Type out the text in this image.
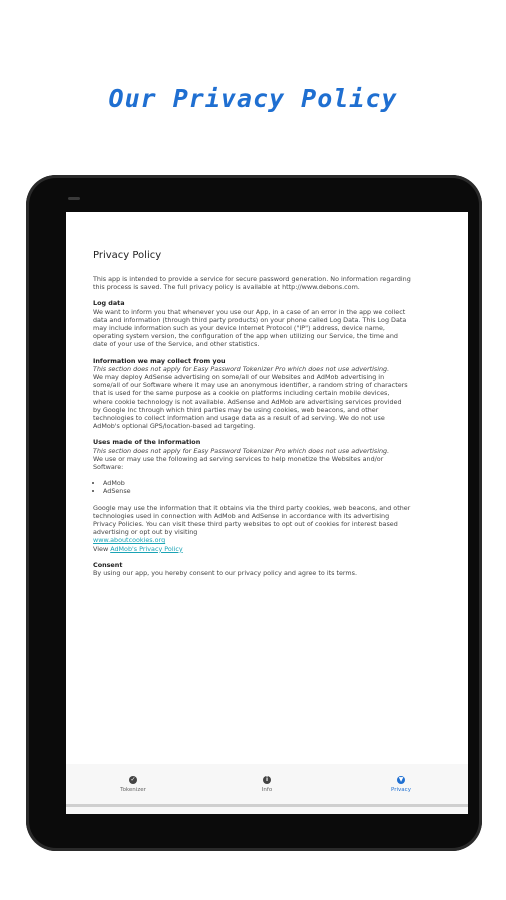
Our Privacy Policy
Privacy Policy

This app is intended to provide a service for secure password generation. No information regarding this process is saved. The full privacy policy is available at http://www.debons.com.

Log data
We want to inform you that whenever you use our App, in a case of an error in the app we collect data and information (through third party products) on your phone called Log Data. This Log Data may include information such as your device Internet Protocol ("IP") address, device name, operating system version, the configuration of the app when utilizing our Service, the time and date of your use of the Service, and other statistics.

Information we may collect from you
This section does not apply for Easy Password Tokenizer Pro which does not use advertising.
We may deploy AdSense advertising on some/all of our Websites and AdMob advertising in some/all of our Software where it may use an anonymous identifier, a random string of characters that is used for the same purpose as a cookie on platforms including certain mobile devices, where cookie technology is not available. AdSense and AdMob are advertising services provided by Google Inc through which third parties may be using cookies, web beacons, and other technologies to collect information and usage data as a result of ad serving. We do not use AdMob's optional GPS/location-based ad targeting.

Uses made of the information
This section does not apply for Easy Password Tokenizer Pro which does not use advertising.
We use or may use the following ad serving services to help monetize the Websites and/or Software:

• AdMob
• AdSense

Google may use the information that it obtains via the third party cookies, web beacons, and other technologies used in connection with AdMob and AdSense in accordance with its advertising Privacy Policies. You can visit these third party websites to opt out of cookies for interest based advertising or opt out by visiting
www.aboutcookies.org
View AdMob's Privacy Policy

Consent
By using our app, you hereby consent to our privacy policy and agree to its terms.

✓
Tokenizer
i
Info
▼
Privacy
